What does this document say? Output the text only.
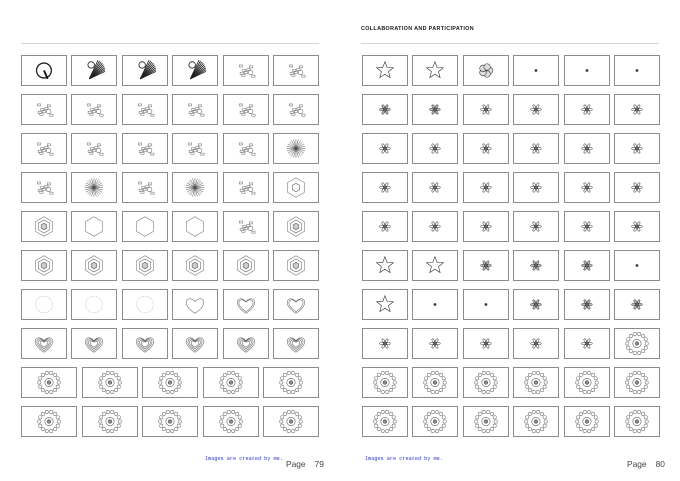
Images are created by me. Page 79
COLLABORATION AND PARTICIPATION
Images are created by me.	Page 80
